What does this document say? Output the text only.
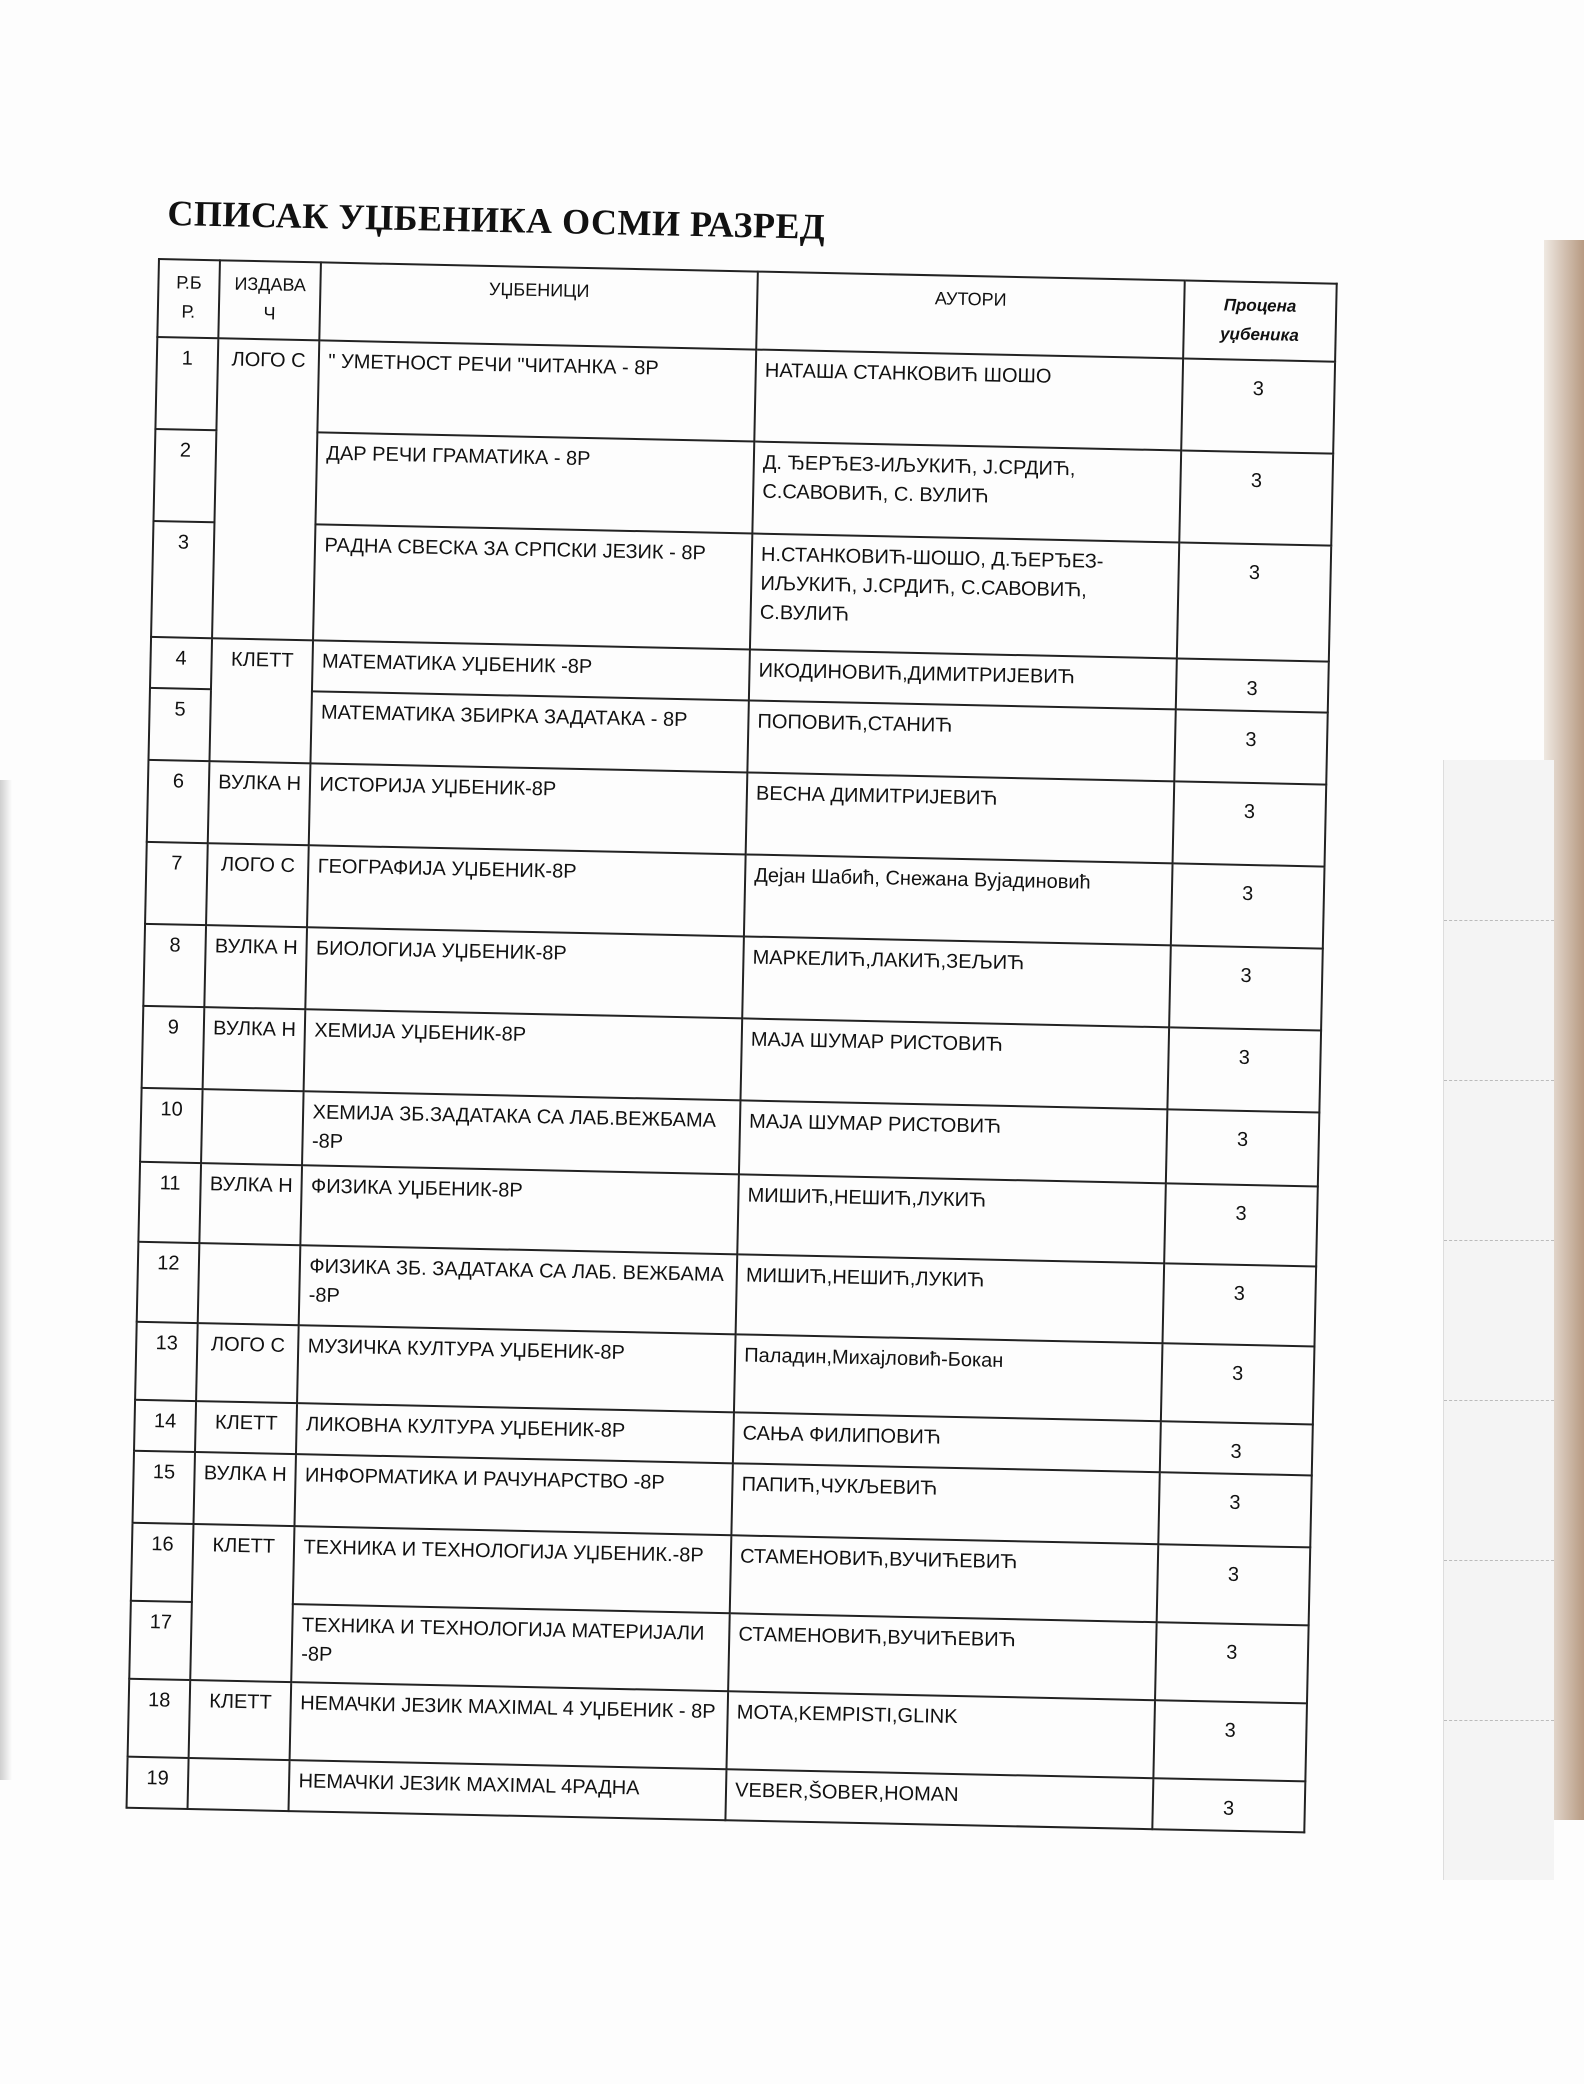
СПИСАК УЏБЕНИКА ОСМИ РАЗРЕД
Р.Б Р.	ИЗДАВА Ч	УЏБЕНИЦИ	АУТОРИ	Процена уџбеника
1	ЛОГО С	" УМЕТНОСТ РЕЧИ "ЧИТАНКА - 8Р	НАТАША СТАНКОВИЋ ШОШО	3
2		ДАР РЕЧИ ГРАМАТИКА - 8Р	Д. ЂЕРЂЕЗ-ИЉУКИЋ, Ј.СРДИЋ, С.САВОВИЋ, С. ВУЛИЋ	3
3		РАДНА СВЕСКА ЗА СРПСКИ ЈЕЗИК - 8Р	Н.СТАНКОВИЋ-ШОШО, Д.ЂЕРЂЕЗ-ИЉУКИЋ, Ј.СРДИЋ, С.САВОВИЋ, С.ВУЛИЋ	3
4	КЛЕТТ	МАТЕМАТИКА УЏБЕНИК -8Р	ИКОДИНОВИЋ,ДИМИТРИЈЕВИЋ	3
5		МАТЕМАТИКА ЗБИРКА ЗАДАТАКА - 8Р	ПОПОВИЋ,СТАНИЋ	3
6	ВУЛКА Н	ИСТОРИЈА УЏБЕНИК-8Р	ВЕСНА ДИМИТРИЈЕВИЋ	3
7	ЛОГО С	ГЕОГРАФИЈА УЏБЕНИК-8Р	Дејан Шабић, Снежана Вујадиновић	3
8	ВУЛКА Н	БИОЛОГИЈА УЏБЕНИК-8Р	МАРКЕЛИЋ,ЛАКИЋ,ЗЕЉИЋ	3
9	ВУЛКА Н	ХЕМИЈА УЏБЕНИК-8Р	МАЈА ШУМАР РИСТОВИЋ	3
10		ХЕМИЈА ЗБ.ЗАДАТАКА СА ЛАБ.ВЕЖБАМА -8Р	МАЈА ШУМАР РИСТОВИЋ	3
11	ВУЛКА Н	ФИЗИКА УЏБЕНИК-8Р	МИШИЋ,НЕШИЋ,ЛУКИЋ	3
12		ФИЗИКА ЗБ. ЗАДАТАКА СА ЛАБ. ВЕЖБАМА -8Р	МИШИЋ,НЕШИЋ,ЛУКИЋ	3
13	ЛОГО С	МУЗИЧКА КУЛТУРА УЏБЕНИК-8Р	Паладин,Михајловић-Бокан	3
14	КЛЕТТ	ЛИКОВНА КУЛТУРА УЏБЕНИК-8Р	САЊА ФИЛИПОВИЋ	3
15	ВУЛКА Н	ИНФОРМАТИКА И РАЧУНАРСТВО -8Р	ПАПИЋ,ЧУКЉЕВИЋ	3
16	КЛЕТТ	ТЕХНИКА И ТЕХНОЛОГИЈА УЏБЕНИК.-8Р	СТАМЕНОВИЋ,ВУЧИЋЕВИЋ	3
17		ТЕХНИКА И ТЕХНОЛОГИЈА МАТЕРИЈАЛИ -8Р	СТАМЕНОВИЋ,ВУЧИЋЕВИЋ	3
18	КЛЕТТ	НЕМАЧКИ ЈЕЗИК MAXIMAL 4 УЏБЕНИК - 8Р	MOTA,KEMPISTI,GLINK	3
19		НЕМАЧКИ ЈЕЗИК MAXIMAL 4РАДНА	VEBER,ŠOBER,HOMAN	3
